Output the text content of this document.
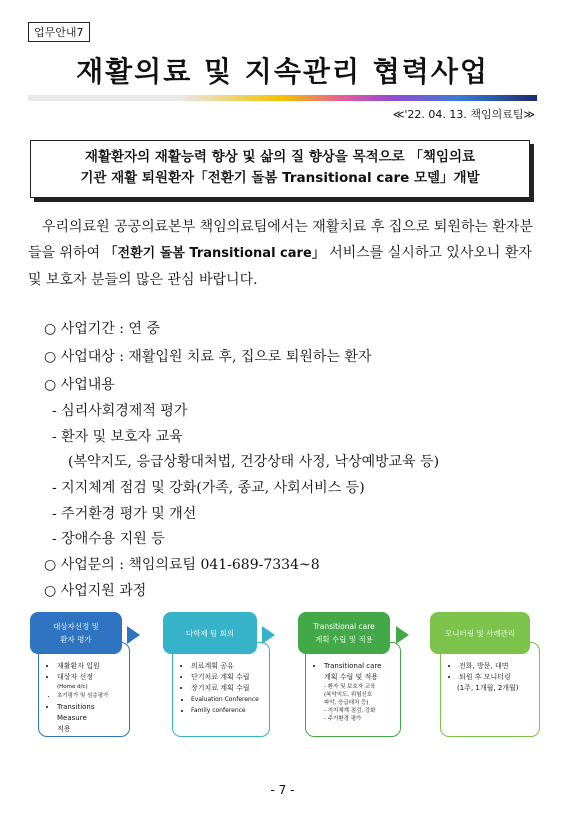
업무안내7
재활의료 및 지속관리 협력사업
≪'22. 04. 13. 책임의료팀≫
재활환자의 재활능력 향상 및 삶의 질 향상을 목적으로 「책임의료
기관 재활 퇴원환자「전환기 돌봄 Transitional care 모델」개발
우리의료원 공공의료본부 책임의료팀에서는 재활치료 후 집으로 퇴원하는 환자분들을 위하여 「전환기 돌봄 Transitional care」 서비스를 실시하고 있사오니 환자 및 보호자 분들의 많은 관심 바랍니다.
○ 사업기간 : 연 중
○ 사업대상 : 재활입원 치료 후, 집으로 퇴원하는 환자
○ 사업내용
- 심리사회경제적 평가
- 환자 및 보호자 교육
(복약지도, 응급상황대처법, 건강상태 사정, 낙상예방교육 등)
- 지지체계 점검 및 강화(가족, 종교, 사회서비스 등)
- 주거환경 평가 및 개선
- 장애수용 지원 등
○ 사업문의 : 책임의료팀 041-689-7334~8
○ 사업지원 과정
• 재활환자 입원
• 대상자 선정
(Home d/c)
• 초기평가 및 심층평가
• Transitions Measure
적용
대상자선정 및
환자 평가
• 의료계획 공유
• 단기치료 계획 수립
• 장기치료 계획 수립
• Evaluation Conference
• Family conference
다학제 팀 회의
• Transitional care
계획 수립 및 적용
- 환자 및 보호자 교육
(복약지도, 위험신호
파악, 응급대처 등)
- 지지체계 점검, 강화
- 주거환경 평가
Transitional care
계획 수립 및 적용
• 전화, 방문, 대면
• 퇴원 후 모니터링
(1주, 1개월, 2개월)
모니터링 및 사례관리
- 7 -
